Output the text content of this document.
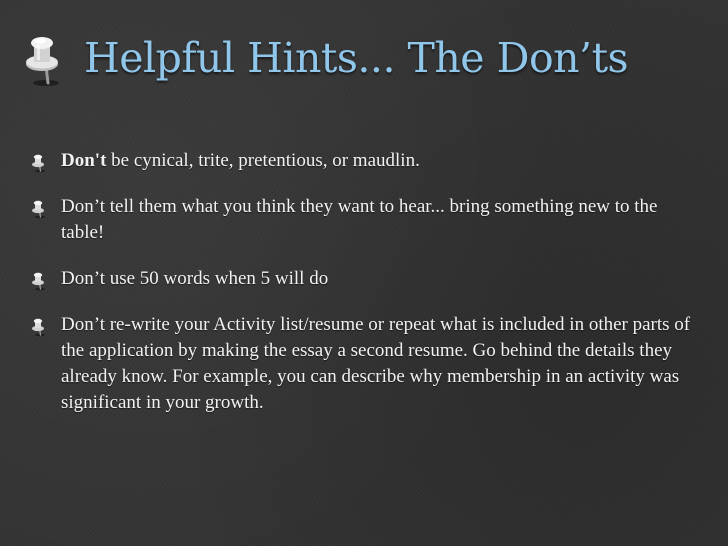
Helpful Hints... The Don’ts
Don't be cynical, trite, pretentious, or maudlin.
Don’t tell them what you think they want to hear... bring something new to the table!
Don’t use 50 words when 5 will do
Don’t re-write your Activity list/resume or repeat what is included in other parts of the application by making the essay a second resume. Go behind the details they already know. For example, you can describe why membership in an activity was significant in your growth.
